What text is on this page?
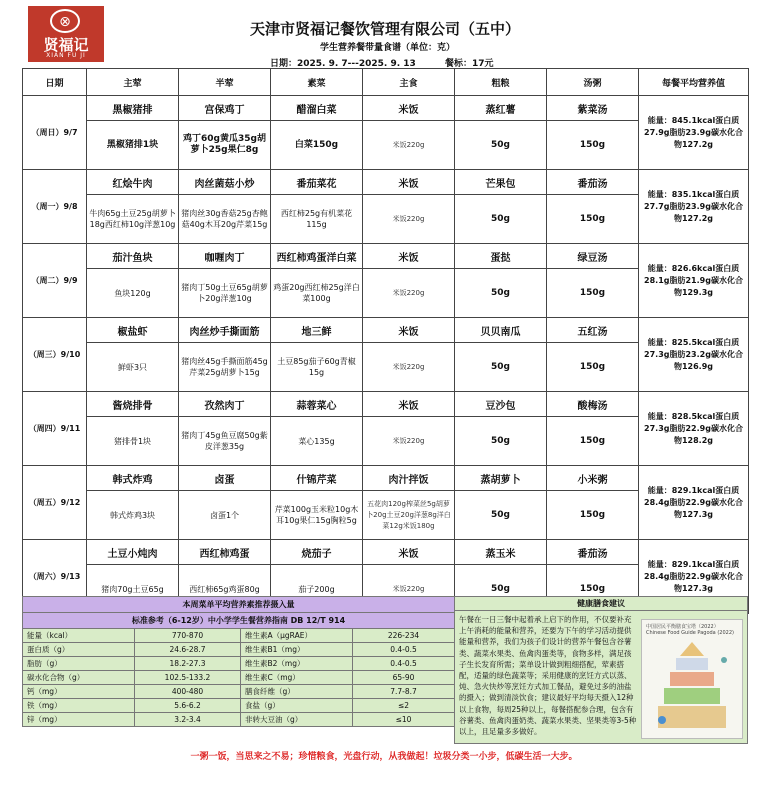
⊗
贤福记
XIAN FU JI
天津市贤福记餐饮管理有限公司（五中）
学生营养餐带量食谱（单位：克）
日期：2025. 9. 7---2025. 9. 13	餐标：17元
日期	主荤	半荤	素菜	主食	粗粮	汤粥	每餐平均营养值
（周日）9/7	黑椒猪排	宫保鸡丁	醋溜白菜	米饭	蒸红薯	紫菜汤	能量：845.1kcal蛋白质27.9g脂肪23.9g碳水化合物127.2g
	黑椒猪排1块	鸡丁60g黄瓜35g胡萝卜25g果仁8g	白菜150g	米饭220g	50g	150g	
（周一）9/8	红烩牛肉	肉丝菌菇小炒	番茄菜花	米饭	芒果包	番茄汤	能量：835.1kcal蛋白质27.7g脂肪23.9g碳水化合物127.2g
	牛肉65g土豆25g胡萝卜18g西红柿10g洋葱10g	猪肉丝30g香菇25g杏鲍菇40g木耳20g芹菜15g	西红柿25g有机菜花115g	米饭220g	50g	150g	
（周二）9/9	茄汁鱼块	咖喱肉丁	西红柿鸡蛋洋白菜	米饭	蛋挞	绿豆汤	能量：826.6kcal蛋白质28.1g脂肪21.9g碳水化合物129.3g
	鱼块120g	猪肉丁50g土豆65g胡萝卜20g洋葱10g	鸡蛋20g西红柿25g洋白菜100g	米饭220g	50g	150g	
（周三）9/10	椒盐虾	肉丝炒手撕面筋	地三鲜	米饭	贝贝南瓜	五红汤	能量：825.5kcal蛋白质27.3g脂肪23.2g碳水化合物126.9g
	鲜虾3只	猪肉丝45g手撕面筋45g芹菜25g胡萝卜15g	土豆85g茄子60g青椒15g	米饭220g	50g	150g	
（周四）9/11	酱烧排骨	孜然肉丁	蒜蓉菜心	米饭	豆沙包	酸梅汤	能量：828.5kcal蛋白质27.3g脂肪22.9g碳水化合物128.2g
	猪排骨1块	猪肉丁45g鱼豆腐50g紫皮洋葱35g	菜心135g	米饭220g	50g	150g	
（周五）9/12	韩式炸鸡	卤蛋	什锦芹菜	肉汁拌饭	蒸胡萝卜	小米粥	能量：829.1kcal蛋白质28.4g脂肪22.9g碳水化合物127.3g
	韩式炸鸡3块	卤蛋1个	芹菜100g玉米粒10g木耳10g果仁15g胸粒5g	五花肉120g榨菜丝5g胡萝卜20g土豆20g洋葱8g洋白菜12g米饭180g	50g	150g	
（周六）9/13	土豆小炖肉	西红柿鸡蛋	烧茄子	米饭	蒸玉米	番茄汤	能量：829.1kcal蛋白质28.4g脂肪22.9g碳水化合物127.3g
	猪肉70g土豆65g	西红柿65g鸡蛋80g	茄子200g	米饭220g	50g	150g	
本周菜单平均营养素推荐摄入量			
标准参考（6-12岁）中小学学生餐营养指南 DB 12/T 914			
能量（kcal）	770-870	维生素A（μgRAE）	226-234
蛋白质（g）	24.6-28.7	维生素B1（mg）	0.4-0.5
脂肪（g）	18.2-27.3	维生素B2（mg）	0.4-0.5
碳水化合物（g）	102.5-133.2	维生素C（mg）	65-90
钙（mg）	400-480	膳食纤维（g）	7.7-8.7
铁（mg）	5.6-6.2	食盐（g）	≤2
锌（mg）	3.2-3.4	非转大豆油（g）	≤10
健康膳食建议
午餐在一日三餐中起着承上启下的作用，不仅要补充上午消耗的能量和营养，还要为下午的学习活动提供能量和营养，我们为孩子们设计的营养午餐包含谷薯类、蔬菜水果类、鱼禽肉蛋类等，食物多样，满足孩子生长发育所需；菜单设计做到粗细搭配，荤素搭配，适量的绿色蔬菜等；采用健康的烹饪方式以蒸、炖、急火快炒等烹饪方式加工餐品，避免过多的油盐的摄入；做到清淡饮食；建议最好平均每天摄入12种以上食物，每周25种以上，每餐搭配参合理，包含有谷薯类、鱼禽肉蛋奶类、蔬菜水果类、坚果类等3-5种以上，且足量多多做好。
中国居民平衡膳食宝塔（2022）
Chinese Food Guide Pagoda (2022)
一粥一饭，当思来之不易；珍惜粮食，光盘行动，从我做起！垃圾分类一小步，低碳生活一大步。
